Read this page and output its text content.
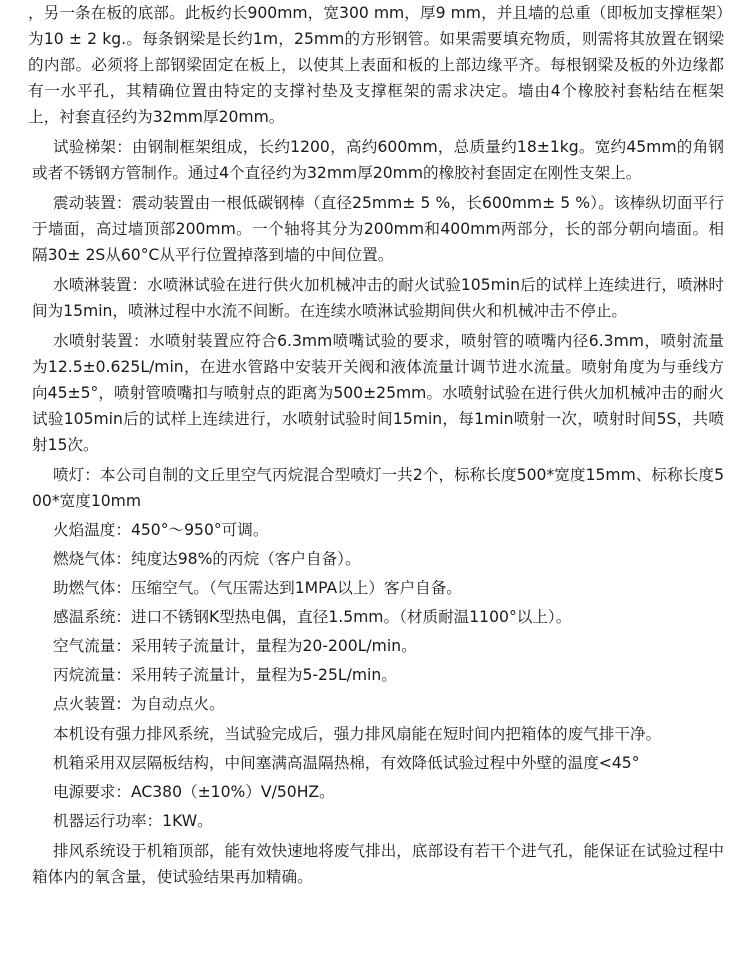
，另一条在板的底部。此板约长900mm，宽300 mm，厚9 mm，并且墙的总重（即板加支撑框架）为10 ± 2 kg.。每条钢梁是长约1m，25mm的方形钢管。如果需要填充物质，则需将其放置在钢梁的内部。必须将上部钢梁固定在板上，以使其上表面和板的上部边缘平齐。每根钢梁及板的外边缘都有一水平孔，其精确位置由特定的支撑衬垫及支撑框架的需求决定。墙由4个橡胶衬套粘结在框架上，衬套直径约为32mm厚20mm。

试验梯架：由钢制框架组成，长约1200，高约600mm，总质量约18±1kg。宽约45mm的角钢或者不锈钢方管制作。通过4个直径约为32mm厚20mm的橡胶衬套固定在刚性支架上。

震动装置：震动装置由一根低碳钢棒（直径25mm± 5 %，长600mm± 5 %）。该棒纵切面平行于墙面，高过墙顶部200mm。一个轴将其分为200mm和400mm两部分，长的部分朝向墙面。相隔30± 2S从60°C从平行位置掉落到墙的中间位置。

水喷淋装置：水喷淋试验在进行供火加机械冲击的耐火试验105min后的试样上连续进行，喷淋时间为15min，喷淋过程中水流不间断。在连续水喷淋试验期间供火和机械冲击不停止。

水喷射装置：水喷射装置应符合6.3mm喷嘴试验的要求，喷射管的喷嘴内径6.3mm，喷射流量为12.5±0.625L/min，在进水管路中安装开关阀和液体流量计调节进水流量。喷射角度为与垂线方向45±5°，喷射管喷嘴扣与喷射点的距离为500±25mm。水喷射试验在进行供火加机械冲击的耐火试验105min后的试样上连续进行，水喷射试验时间15min，每1min喷射一次，喷射时间5S，共喷射15次。

喷灯：本公司自制的文丘里空气丙烷混合型喷灯一共2个，标称长度500*宽度15mm、标称长度500*宽度10mm

火焰温度：450°～950°可调。
燃烧气体：纯度达98%的丙烷（客户自备）。
助燃气体：压缩空气。（气压需达到1MPA以上）客户自备。
感温系统：进口不锈钢K型热电偶，直径1.5mm。（材质耐温1100°以上）。
空气流量：采用转子流量计，量程为20-200L/min。
丙烷流量：采用转子流量计，量程为5-25L/min。
点火装置：为自动点火。

本机设有强力排风系统，当试验完成后，强力排风扇能在短时间内把箱体的废气排干净。

机箱采用双层隔板结构，中间塞满高温隔热棉，有效降低试验过程中外壁的温度<45°
电源要求：AC380（±10%）V/50HZ。
机器运行功率：1KW。

排风系统设于机箱顶部，能有效快速地将废气排出，底部设有若干个进气孔，能保证在试验过程中箱体内的氧含量，使试验结果再加精确。
